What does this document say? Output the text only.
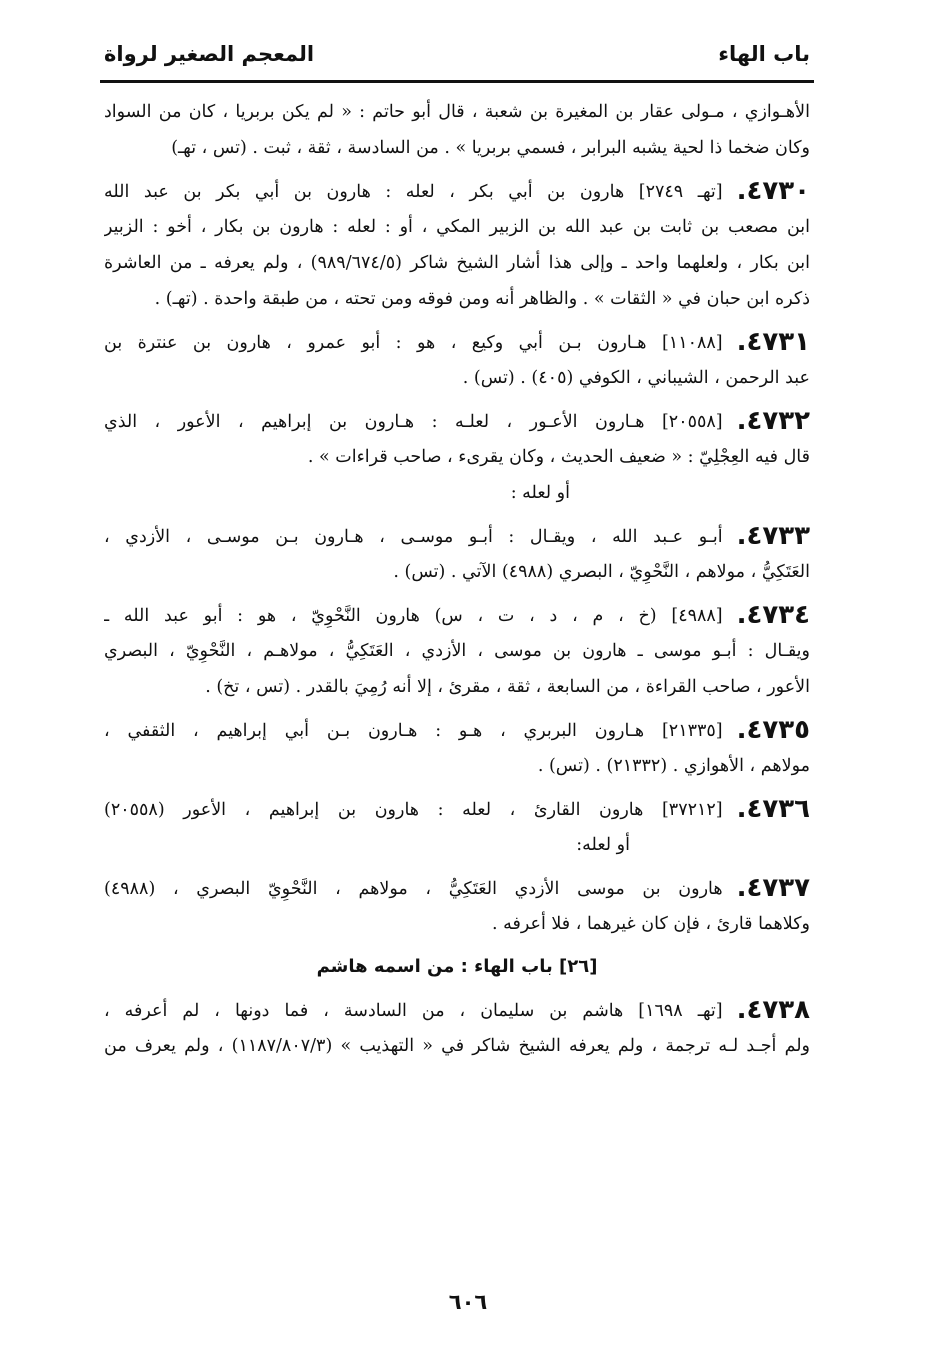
المعجم الصغير لرواة	باب الهاء
الأهـوازي ، مـولى عقار بن المغيرة بن شعبة ، قال أبو حاتم : « لم يكن بربريا ، كان من السواد
وكان ضخما ذا لحية يشبه البرابر ، فسمي بربريا » . من السادسة ، ثقة ، ثبت . (تس ، تهـ)
٤٧٣٠.[تهـ ٢٧٤٩] هارون بن أبي بكر ، لعله : هارون بن أبي بكر بن عبد الله
ابن مصعب بن ثابت بن عبد الله بن الزبير المكي ، أو : لعله : هارون بن بكار ، أخو : الزبير
ابن بكار ، ولعلهما واحد ـ وإلى هذا أشار الشيخ شاكر (٩٨٩/٦٧٤/٥) ، ولم يعرفه ـ من العاشرة
ذكره ابن حبان في « الثقات » . والظاهر أنه ومن فوقه ومن تحته ، من طبقة واحدة . (تهـ) .
٤٧٣١.[١١٠٨٨] هـارون بـن أبي وكيع ، هو : أبو عمرو ، هارون بن عنترة بن
عبد الرحمن ، الشيباني ، الكوفي (٤٠٥) . (تس) .
٤٧٣٢.[٢٠٥٥٨] هـارون الأعـور ، لعلـه : هـارون بن إبراهيم ، الأعور ، الذي
قال فيه العِجْلِيّ : « ضعيف الحديث ، وكان يقرىء ، صاحب قراءات » .
أو لعله :
٤٧٣٣.أبـو عـبد الله ، ويقـال : أبـو موسـى ، هـارون بـن موسـى ، الأزدي ،
العَتَكِيُّ ، مولاهم ، النَّحْوِيّ ، البصري (٤٩٨٨) الآتي . (تس) .
٤٧٣٤.[٤٩٨٨] (خ ، م ، د ، ت ، س) هارون النَّحْوِيّ ، هو : أبو عبد الله ـ
ويقـال : أبـو موسى ـ هارون بن موسى ، الأزدي ، العَتَكِيُّ ، مولاهـم ، النَّحْوِيّ ، البصري
الأعور ، صاحب القراءة ، من السابعة ، ثقة ، مقرئ ، إلا أنه رُمِيَ بالقدر . (تس ، تخ) .
٤٧٣٥.[٢١٣٣٥] هـارون البربري ، هـو : هـارون بـن أبي إبراهيم ، الثقفي ،
مولاهم ، الأهوازي . (٢١٣٣٢) . (تس) .
٤٧٣٦.[٣٧٢١٢] هارون القارئ ، لعله : هارون بن إبراهيم ، الأعور (٢٠٥٥٨)
أو لعله:
٤٧٣٧.هارون بن موسى الأزدي العَتَكِيُّ ، مولاهم ، النَّحْوِيّ البصري ، (٤٩٨٨)
وكلاهما قارئ ، فإن كان غيرهما ، فلا أعرفه .
[٢٦] باب الهاء : من اسمه هاشم
٤٧٣٨.[تهـ ١٦٩٨] هاشم بن سليمان ، من السادسة ، فما دونها ، لم أعرفه ،
ولم أجـد لـه ترجمة ، ولم يعرفه الشيخ شاكر في « التهذيب » (١١٨٧/٨٠٧/٣) ، ولم يعرف من
٦٠٦
